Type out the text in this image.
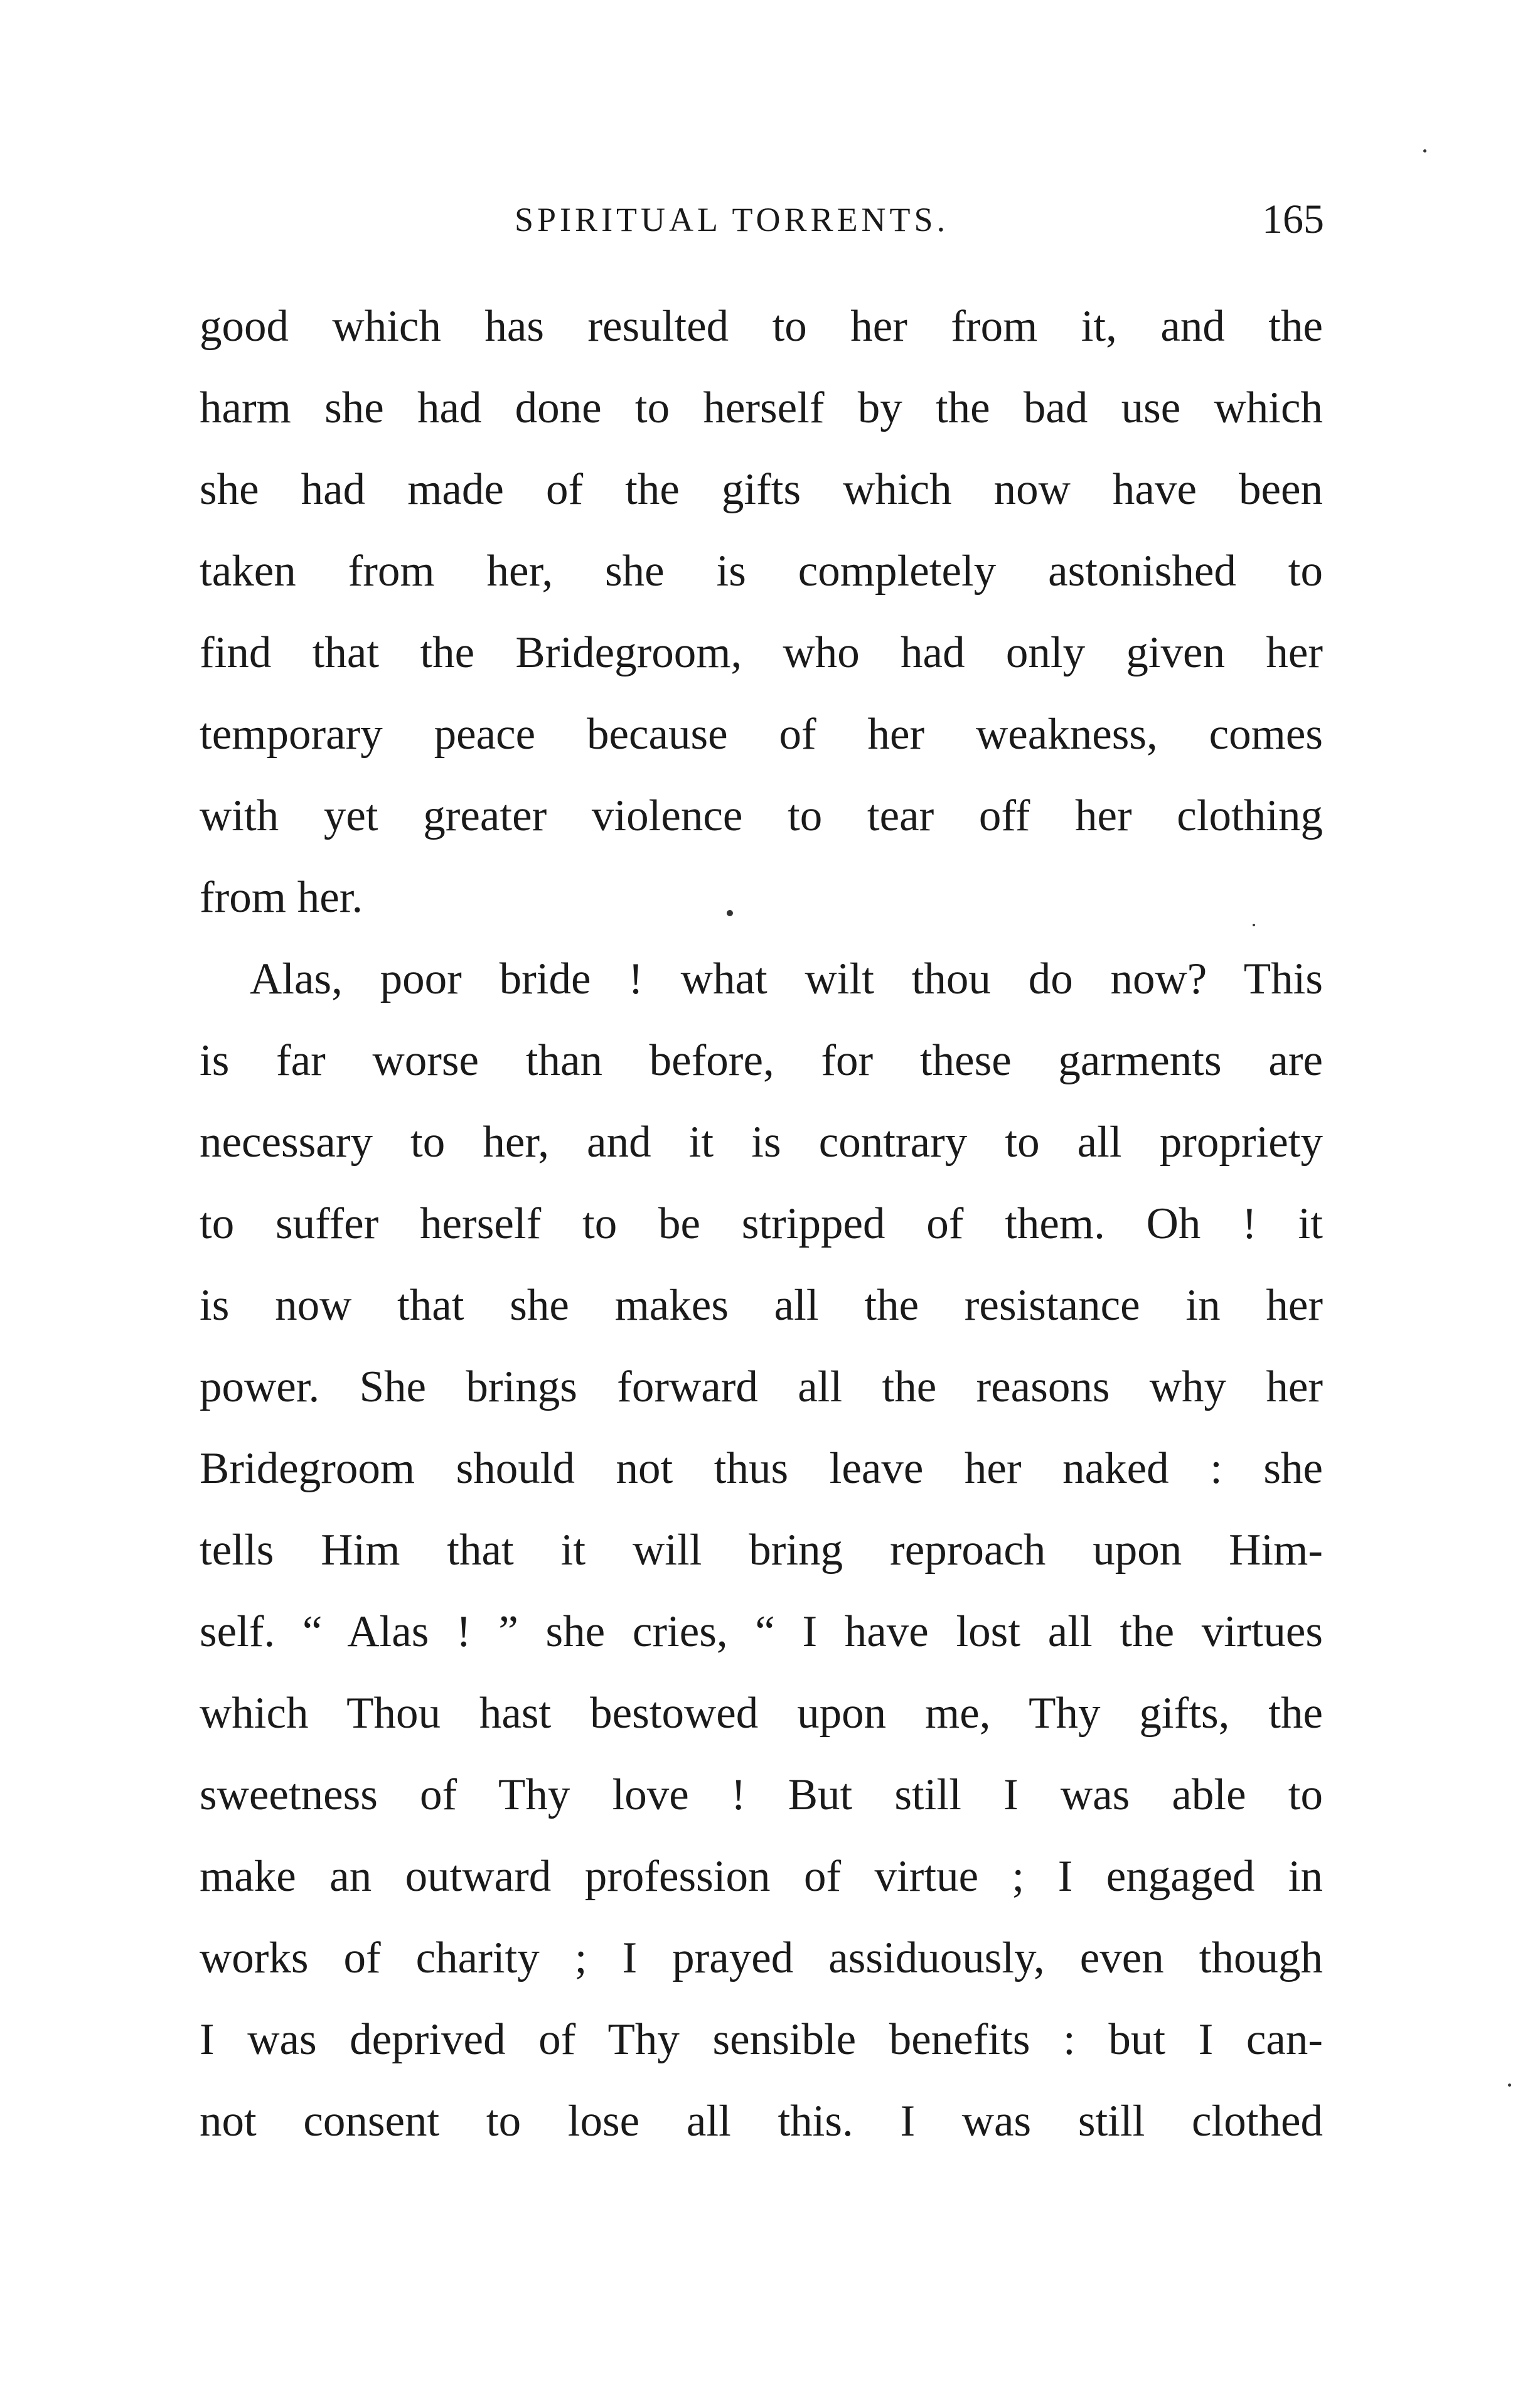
SPIRITUAL TORRENTS.	165
good which has resulted to her from it, and the
harm she had done to herself by the bad use which
she had made of the gifts which now have been
taken from her, she is completely astonished to
find that the Bridegroom, who had only given her
temporary peace because of her weakness, comes
with yet greater violence to tear off her clothing
from her.
Alas, poor bride ! what wilt thou do now? This
is far worse than before, for these garments are
necessary to her, and it is contrary to all propriety
to suffer herself to be stripped of them. Oh ! it
is now that she makes all the resistance in her
power. She brings forward all the reasons why her
Bridegroom should not thus leave her naked : she
tells Him that it will bring reproach upon Him-
self. “ Alas ! ” she cries, “ I have lost all the virtues
which Thou hast bestowed upon me, Thy gifts, the
sweetness of Thy love ! But still I was able to
make an outward profession of virtue ; I engaged in
works of charity ; I prayed assiduously, even though
I was deprived of Thy sensible benefits : but I can-
not consent to lose all this. I was still clothed
